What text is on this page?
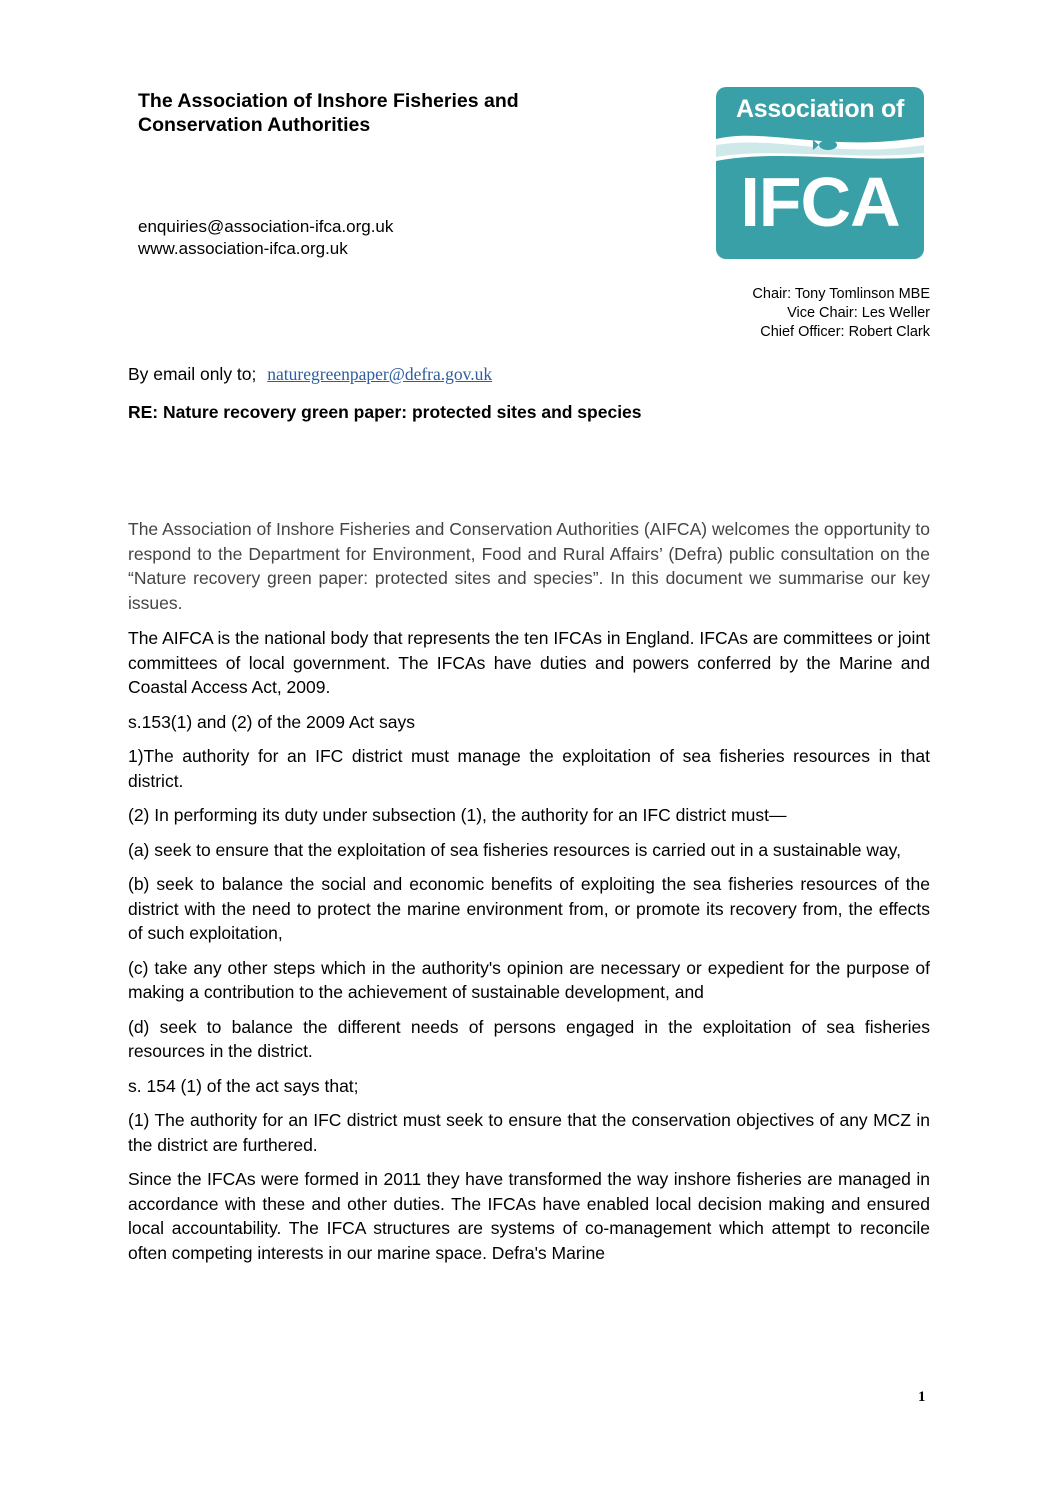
The Association of Inshore Fisheries and
Conservation Authorities
enquiries@association-ifca.org.uk
www.association-ifca.org.uk
Association of
IFCA
Chair: Tony Tomlinson MBE
Vice Chair: Les Weller
Chief Officer: Robert Clark
By email only to; naturegreenpaper@defra.gov.uk
RE: Nature recovery green paper: protected sites and species

The Association of Inshore Fisheries and Conservation Authorities (AIFCA) welcomes the opportunity to respond to the Department for Environment, Food and Rural Affairs’ (Defra) public consultation on the “Nature recovery green paper: protected sites and species”. In this document we summarise our key issues.

The AIFCA is the national body that represents the ten IFCAs in England. IFCAs are committees or joint committees of local government. The IFCAs have duties and powers conferred by the Marine and Coastal Access Act, 2009.

s.153(1) and (2) of the 2009 Act says

1)The authority for an IFC district must manage the exploitation of sea fisheries resources in that district.

(2) In performing its duty under subsection (1), the authority for an IFC district must—

(a) seek to ensure that the exploitation of sea fisheries resources is carried out in a sustainable way,

(b) seek to balance the social and economic benefits of exploiting the sea fisheries resources of the district with the need to protect the marine environment from, or promote its recovery from, the effects of such exploitation,

(c) take any other steps which in the authority's opinion are necessary or expedient for the purpose of making a contribution to the achievement of sustainable development, and

(d) seek to balance the different needs of persons engaged in the exploitation of sea fisheries resources in the district.

s. 154 (1) of the act says that;

(1) The authority for an IFC district must seek to ensure that the conservation objectives of any MCZ in the district are furthered.

Since the IFCAs were formed in 2011 they have transformed the way inshore fisheries are managed in accordance with these and other duties. The IFCAs have enabled local decision making and ensured local accountability. The IFCA structures are systems of co-management which attempt to reconcile often competing interests in our marine space. Defra's Marine

1
